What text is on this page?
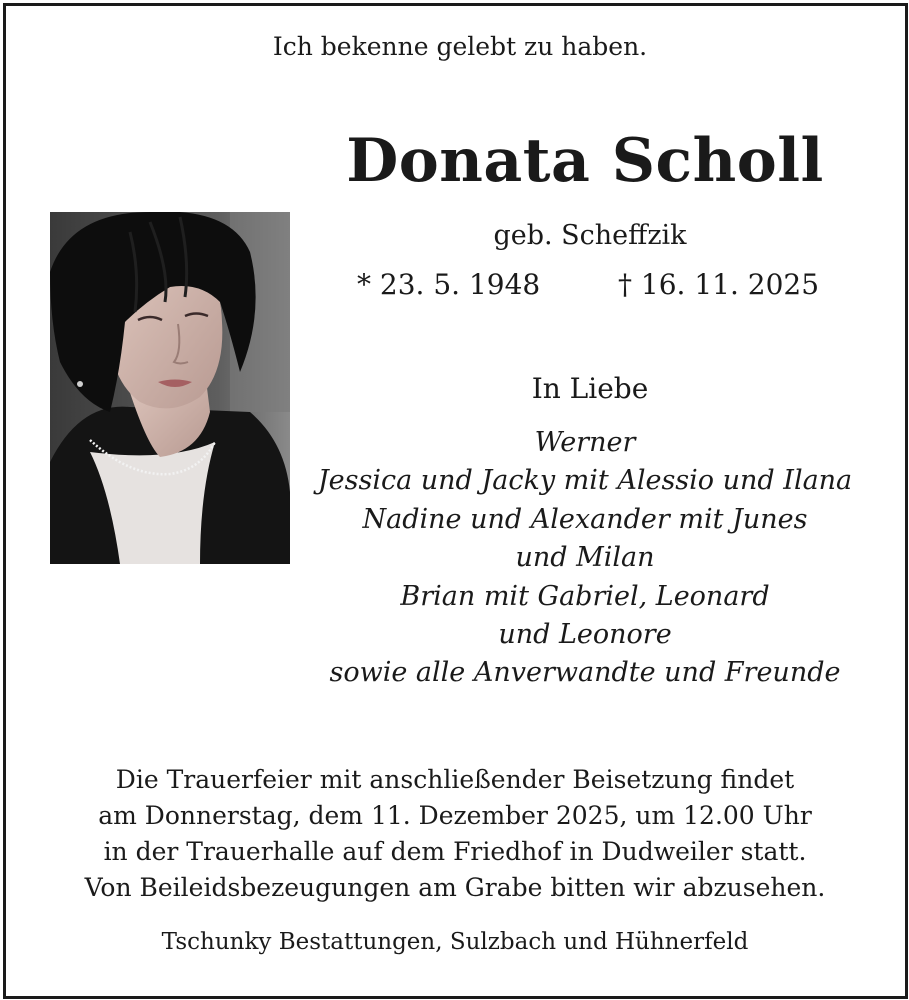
Ich bekenne gelebt zu haben.
Donata Scholl
geb. Scheffzik
* 23. 5. 1948	† 16. 11. 2025
In Liebe
Werner
Jessica und Jacky mit Alessio und Ilana
Nadine und Alexander mit Junes
und Milan
Brian mit Gabriel, Leonard
und Leonore
sowie alle Anverwandte und Freunde
Die Trauerfeier mit anschließender Beisetzung findet
am Donnerstag, dem 11. Dezember 2025, um 12.00 Uhr
in der Trauerhalle auf dem Friedhof in Dudweiler statt.
Von Beileidsbezeugungen am Grabe bitten wir abzusehen.
Tschunky Bestattungen, Sulzbach und Hühnerfeld
